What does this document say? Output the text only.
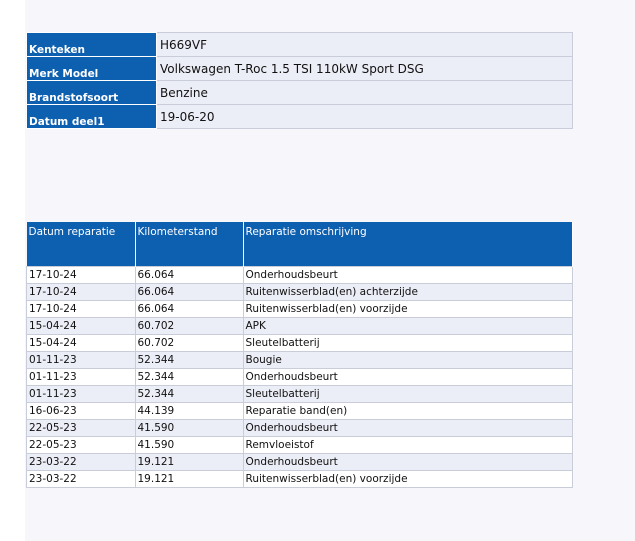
Kenteken	H669VF
Merk Model	Volkswagen T-Roc 1.5 TSI 110kW Sport DSG
Brandstofsoort	Benzine
Datum deel1	19-06-20
Datum reparatie	Kilometerstand	Reparatie omschrijving
17-10-24	66.064	Onderhoudsbeurt
17-10-24	66.064	Ruitenwisserblad(en) achterzijde
17-10-24	66.064	Ruitenwisserblad(en) voorzijde
15-04-24	60.702	APK
15-04-24	60.702	Sleutelbatterij
01-11-23	52.344	Bougie
01-11-23	52.344	Onderhoudsbeurt
01-11-23	52.344	Sleutelbatterij
16-06-23	44.139	Reparatie band(en)
22-05-23	41.590	Onderhoudsbeurt
22-05-23	41.590	Remvloeistof
23-03-22	19.121	Onderhoudsbeurt
23-03-22	19.121	Ruitenwisserblad(en) voorzijde
